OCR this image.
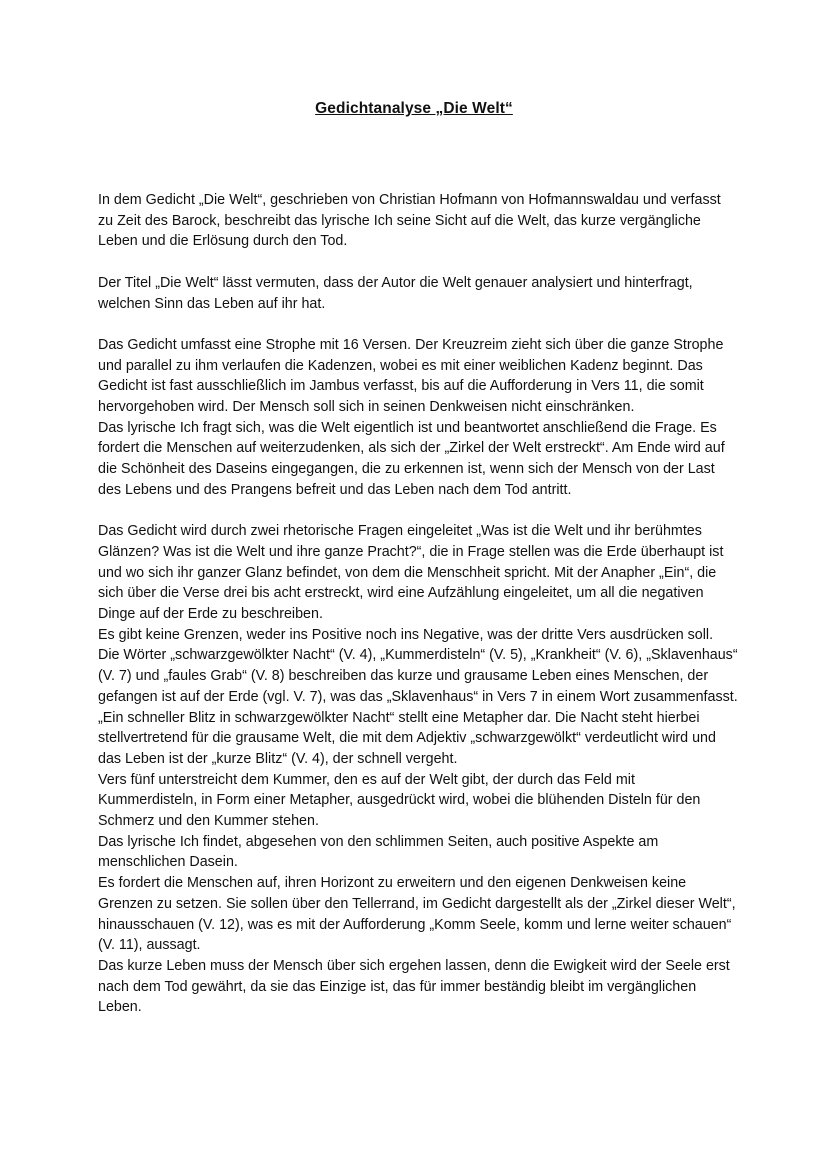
Gedichtanalyse „Die Welt“

In dem Gedicht „Die Welt“, geschrieben von Christian Hofmann von Hofmannswaldau und verfasst zu Zeit des Barock, beschreibt das lyrische Ich seine Sicht auf die Welt, das kurze vergängliche Leben und die Erlösung durch den Tod.

Der Titel „Die Welt“ lässt vermuten, dass der Autor die Welt genauer analysiert und hinterfragt, welchen Sinn das Leben auf ihr hat.

Das Gedicht umfasst eine Strophe mit 16 Versen. Der Kreuzreim zieht sich über die ganze Strophe und parallel zu ihm verlaufen die Kadenzen, wobei es mit einer weiblichen Kadenz beginnt. Das Gedicht ist fast ausschließlich im Jambus verfasst, bis auf die Aufforderung in Vers 11, die somit hervorgehoben wird. Der Mensch soll sich in seinen Denkweisen nicht einschränken.

Das lyrische Ich fragt sich, was die Welt eigentlich ist und beantwortet anschließend die Frage. Es fordert die Menschen auf weiterzudenken, als sich der „Zirkel der Welt erstreckt“. Am Ende wird auf die Schönheit des Daseins eingegangen, die zu erkennen ist, wenn sich der Mensch von der Last des Lebens und des Prangens befreit und das Leben nach dem Tod antritt.

Das Gedicht wird durch zwei rhetorische Fragen eingeleitet „Was ist die Welt und ihr berühmtes Glänzen? Was ist die Welt und ihre ganze Pracht?“, die in Frage stellen was die Erde überhaupt ist und wo sich ihr ganzer Glanz befindet, von dem die Menschheit spricht. Mit der Anapher „Ein“, die sich über die Verse drei bis acht erstreckt, wird eine Aufzählung eingeleitet, um all die negativen Dinge auf der Erde zu beschreiben.

Es gibt keine Grenzen, weder ins Positive noch ins Negative, was der dritte Vers ausdrücken soll.

Die Wörter „schwarzgewölkter Nacht“ (V. 4), „Kummerdisteln“ (V. 5), „Krankheit“ (V. 6), „Sklavenhaus“ (V. 7) und „faules Grab“ (V. 8) beschreiben das kurze und grausame Leben eines Menschen, der gefangen ist auf der Erde (vgl. V. 7), was das „Sklavenhaus“ in Vers 7 in einem Wort zusammenfasst.

„Ein schneller Blitz in schwarzgewölkter Nacht“ stellt eine Metapher dar. Die Nacht steht hierbei stellvertretend für die grausame Welt, die mit dem Adjektiv „schwarzgewölkt“ verdeutlicht wird und das Leben ist der „kurze Blitz“ (V. 4), der schnell vergeht.

Vers fünf unterstreicht dem Kummer, den es auf der Welt gibt, der durch das Feld mit Kummerdisteln, in Form einer Metapher, ausgedrückt wird, wobei die blühenden Disteln für den Schmerz und den Kummer stehen.

Das lyrische Ich findet, abgesehen von den schlimmen Seiten, auch positive Aspekte am menschlichen Dasein.

Es fordert die Menschen auf, ihren Horizont zu erweitern und den eigenen Denkweisen keine Grenzen zu setzen. Sie sollen über den Tellerrand, im Gedicht dargestellt als der „Zirkel dieser Welt“, hinausschauen (V. 12), was es mit der Aufforderung „Komm Seele, komm und lerne weiter schauen“ (V. 11), aussagt.

Das kurze Leben muss der Mensch über sich ergehen lassen, denn die Ewigkeit wird der Seele erst nach dem Tod gewährt, da sie das Einzige ist, das für immer beständig bleibt im vergänglichen Leben.
